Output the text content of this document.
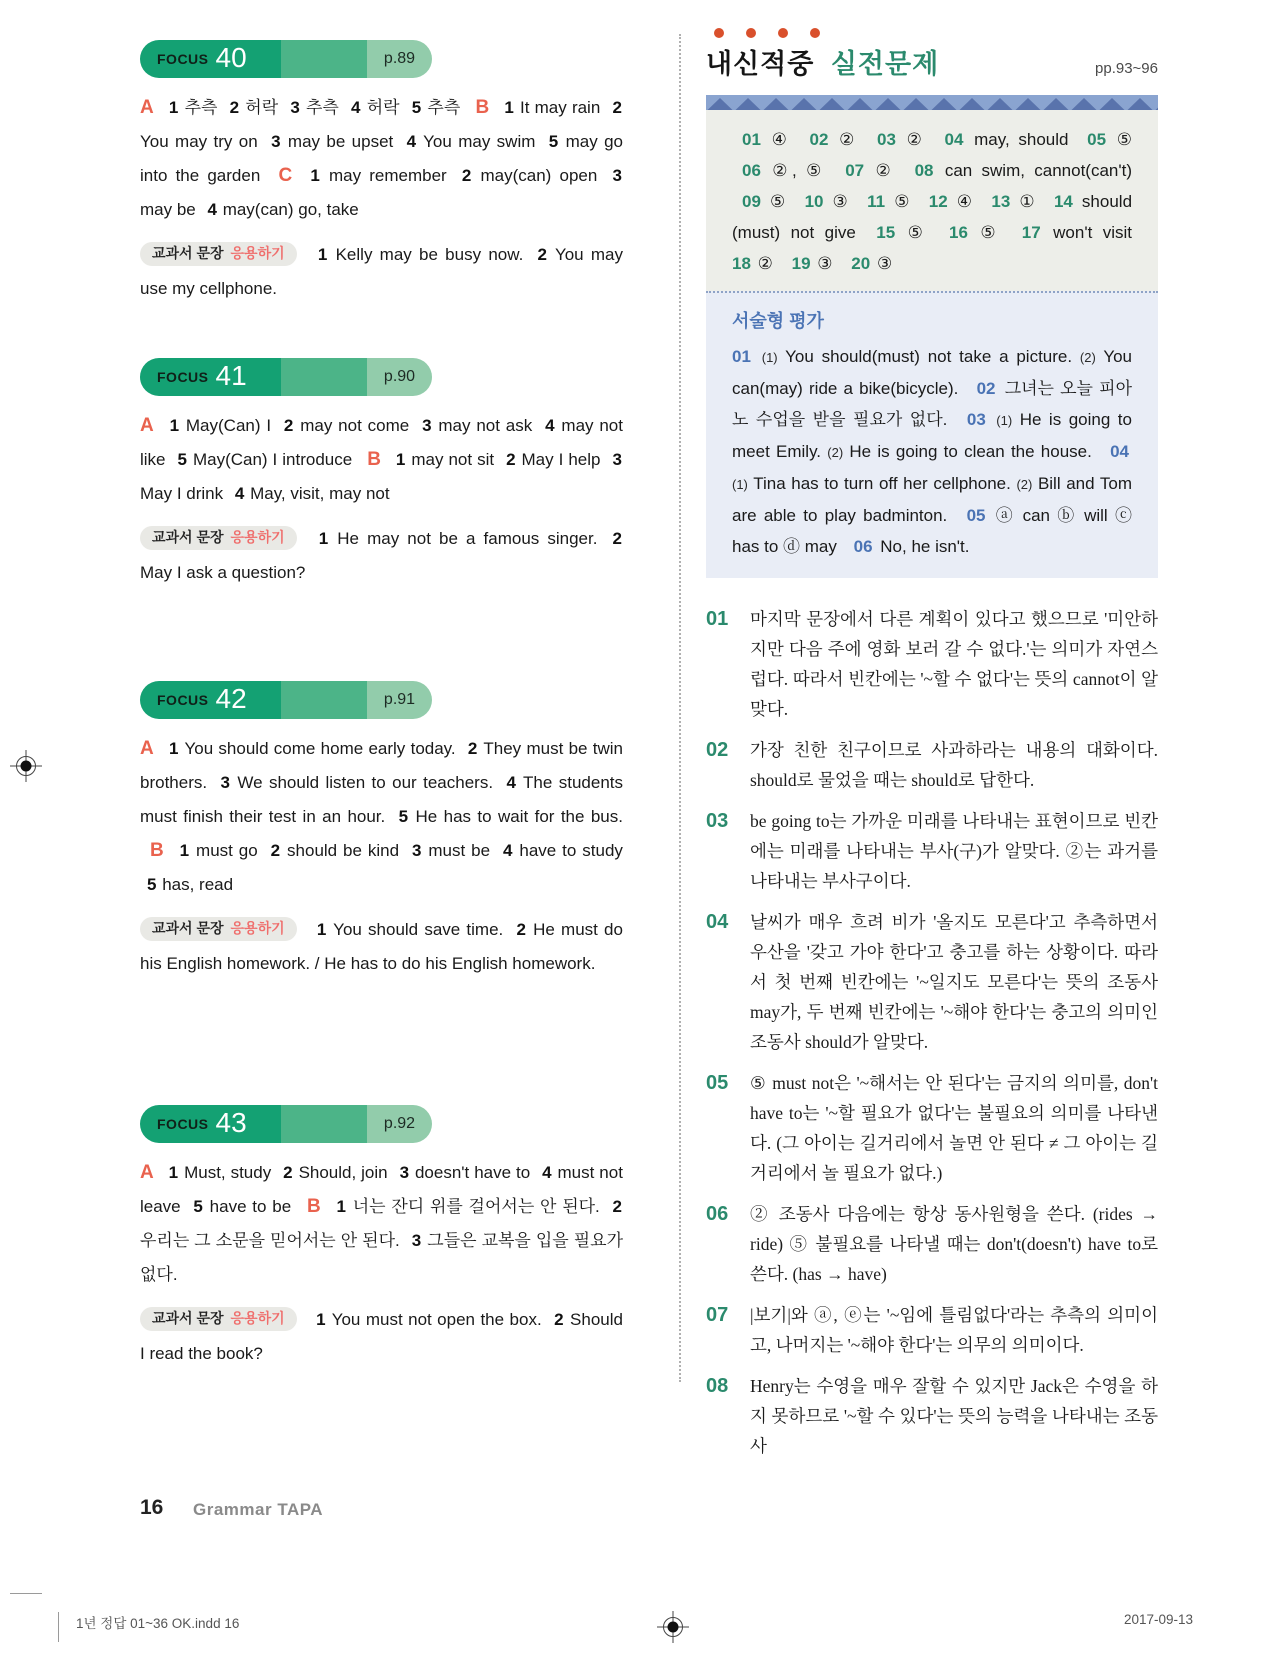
FOCUS 40	p.89

A 1 추측 2 허락 3 추측 4 허락 5 추측 B 1 It may rain 2 You may try on 3 may be upset 4 You may swim 5 may go into the garden C 1 may remember 2 may(can) open 3 may be 4 may(can) go, take

교과서 문장 응용하기 1 Kelly may be busy now. 2 You may use my cellphone.

FOCUS 41	p.90

A 1 May(Can) I 2 may not come 3 may not ask 4 may not like 5 May(Can) I introduce B 1 may not sit 2 May I help 3 May I drink 4 May, visit, may not

교과서 문장 응용하기 1 He may not be a famous singer. 2 May I ask a question?

FOCUS 42	p.91

A 1 You should come home early today. 2 They must be twin brothers. 3 We should listen to our teachers. 4 The students must finish their test in an hour. 5 He has to wait for the bus. B 1 must go 2 should be kind 3 must be 4 have to study 5 has, read

교과서 문장 응용하기 1 You should save time. 2 He must do his English homework. / He has to do his English homework.

FOCUS 43	p.92

A 1 Must, study 2 Should, join 3 doesn't have to 4 must not leave 5 have to be B 1 너는 잔디 위를 걸어서는 안 된다. 2 우리는 그 소문을 믿어서는 안 된다. 3 그들은 교복을 입을 필요가 없다.

교과서 문장 응용하기 1 You must not open the box. 2 Should I read the book?

내신적중 실전문제	pp.93~96
01 ④ 02 ② 03 ② 04 may, should 05 ⑤
06 ②, ⑤ 07 ② 08 can swim, cannot(can't)
09 ⑤ 10 ③ 11 ⑤ 12 ④ 13 ① 14 should
(must) not give 15 ⑤ 16 ⑤ 17 won't visit
18 ② 19 ③ 20 ③
서술형 평가

01 (1) You should(must) not take a picture. (2) You can(may) ride a bike(bicycle). 02 그녀는 오늘 피아노 수업을 받을 필요가 없다. 03 (1) He is going to meet Emily. (2) He is going to clean the house. 04 (1) Tina has to turn off her cellphone. (2) Bill and Tom are able to play badminton. 05 ⓐ can ⓑ will ⓒ has to ⓓ may 06 No, he isn't.

01	마지막 문장에서 다른 계획이 있다고 했으므로 '미안하지만 다음 주에 영화 보러 갈 수 없다.'는 의미가 자연스럽다. 따라서 빈칸에는 '~할 수 없다'는 뜻의 cannot이 알맞다.
02	가장 친한 친구이므로 사과하라는 내용의 대화이다. should로 물었을 때는 should로 답한다.
03	be going to는 가까운 미래를 나타내는 표현이므로 빈칸에는 미래를 나타내는 부사(구)가 알맞다. ②는 과거를 나타내는 부사구이다.
04	날씨가 매우 흐려 비가 '올지도 모른다'고 추측하면서 우산을 '갖고 가야 한다'고 충고를 하는 상황이다. 따라서 첫 번째 빈칸에는 '~일지도 모른다'는 뜻의 조동사 may가, 두 번째 빈칸에는 '~해야 한다'는 충고의 의미인 조동사 should가 알맞다.
05	⑤ must not은 '~해서는 안 된다'는 금지의 의미를, don't have to는 '~할 필요가 없다'는 불필요의 의미를 나타낸다. (그 아이는 길거리에서 놀면 안 된다 ≠ 그 아이는 길거리에서 놀 필요가 없다.)
06	② 조동사 다음에는 항상 동사원형을 쓴다. (rides → ride) ⑤ 불필요를 나타낼 때는 don't(doesn't) have to로 쓴다. (has → have)
07	|보기|와 ⓐ, ⓔ는 '~임에 틀림없다'라는 추측의 의미이고, 나머지는 '~해야 한다'는 의무의 의미이다.
08	Henry는 수영을 매우 잘할 수 있지만 Jack은 수영을 하지 못하므로 '~할 수 있다'는 뜻의 능력을 나타내는 조동사
16 Grammar TAPA
1년 정답 01~36 OK.indd 16	2017-09-13
